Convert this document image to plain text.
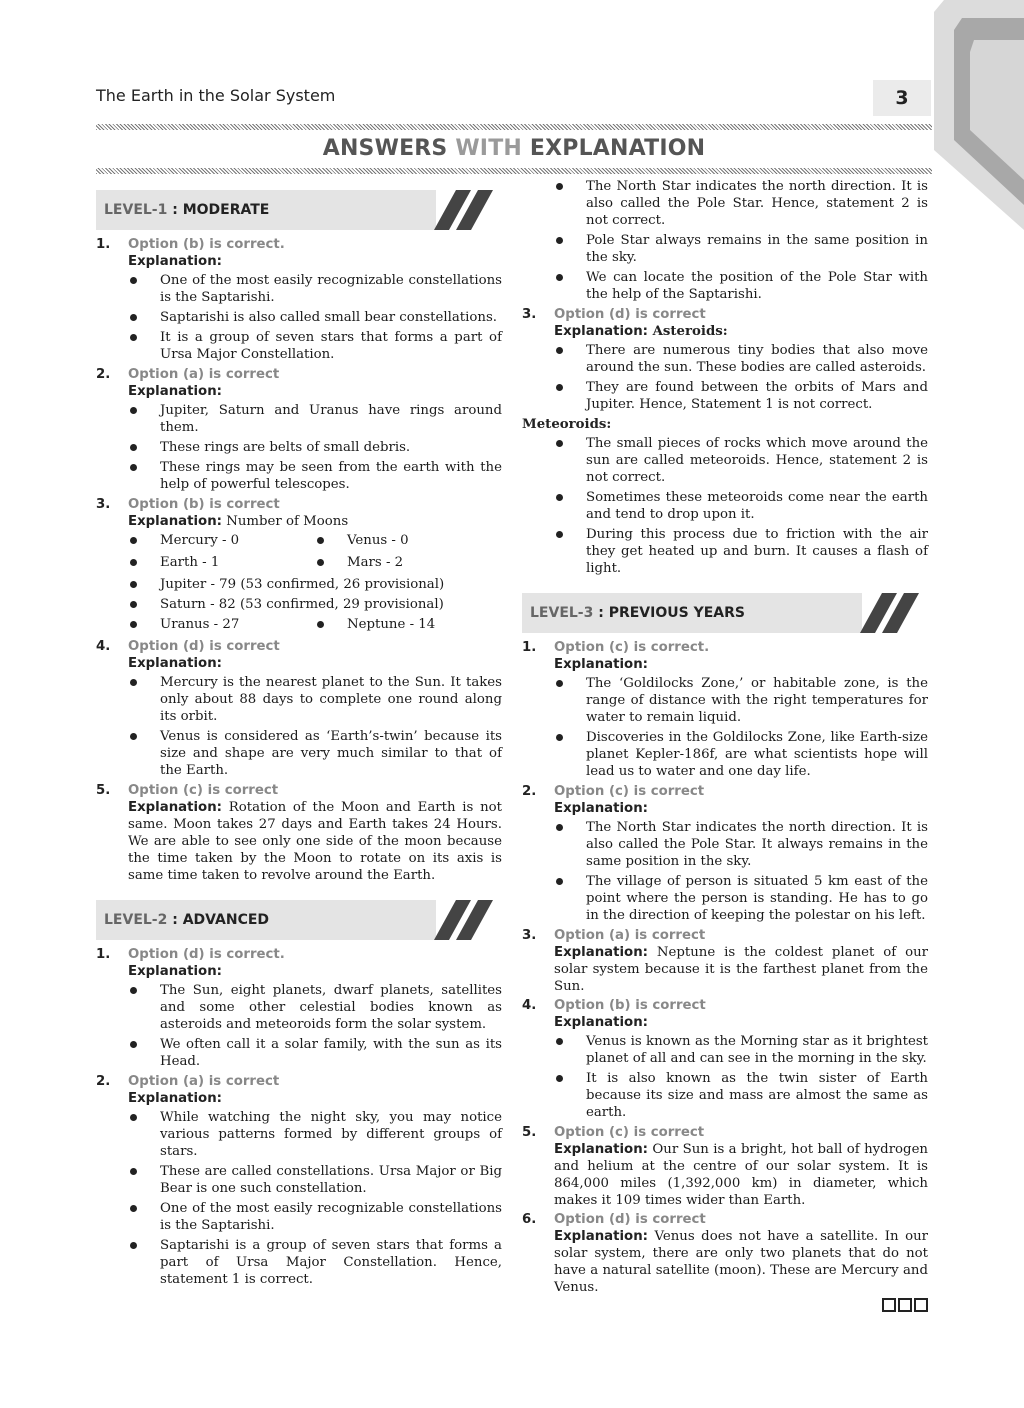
The Earth in the Solar System	3
ANSWERS WITH EXPLANATION
LEVEL-1 : MODERATE
1. Option (b) is correct.
Explanation:
One of the most easily recognizable constellations is the Saptarishi.
Saptarishi is also called small bear constellations.
It is a group of seven stars that forms a part of Ursa Major Constellation.
2. Option (a) is correct
Explanation:
Jupiter, Saturn and Uranus have rings around them.
These rings are belts of small debris.
These rings may be seen from the earth with the help of powerful telescopes.
3. Option (b) is correct
Explanation: Number of Moons
Mercury - 0	Venus - 0
Earth - 1	Mars - 2
Jupiter - 79 (53 confirmed, 26 provisional)
Saturn - 82 (53 confirmed, 29 provisional)
Uranus - 27	Neptune - 14
4. Option (d) is correct
Explanation:
Mercury is the nearest planet to the Sun. It takes only about 88 days to complete one round along its orbit.
Venus is considered as ‘Earth’s-twin’ because its size and shape are very much similar to that of the Earth.
5. Option (c) is correct
Explanation: Rotation of the Moon and Earth is not same. Moon takes 27 days and Earth takes 24 Hours. We are able to see only one side of the moon because the time taken by the Moon to rotate on its axis is same time taken to revolve around the Earth.
LEVEL-2 : ADVANCED
1. Option (d) is correct.
Explanation:
The Sun, eight planets, dwarf planets, satellites and some other celestial bodies known as asteroids and meteoroids form the solar system.
We often call it a solar family, with the sun as its Head.
2. Option (a) is correct
Explanation:
While watching the night sky, you may notice various patterns formed by different groups of stars.
These are called constellations. Ursa Major or Big Bear is one such constellation.
One of the most easily recognizable constellations is the Saptarishi.
Saptarishi is a group of seven stars that forms a part of Ursa Major Constellation. Hence, statement 1 is correct.
The North Star indicates the north direction. It is also called the Pole Star. Hence, statement 2 is not correct.
Pole Star always remains in the same position in the sky.
We can locate the position of the Pole Star with the help of the Saptarishi.
3. Option (d) is correct
Explanation: Asteroids:
There are numerous tiny bodies that also move around the sun. These bodies are called asteroids.
They are found between the orbits of Mars and Jupiter. Hence, Statement 1 is not correct.
Meteoroids:
The small pieces of rocks which move around the sun are called meteoroids. Hence, statement 2 is not correct.
Sometimes these meteoroids come near the earth and tend to drop upon it.
During this process due to friction with the air they get heated up and burn. It causes a flash of light.
LEVEL-3 : PREVIOUS YEARS
1. Option (c) is correct.
Explanation:
The ‘Goldilocks Zone,’ or habitable zone, is the range of distance with the right temperatures for water to remain liquid.
Discoveries in the Goldilocks Zone, like Earth-size planet Kepler-186f, are what scientists hope will lead us to water and one day life.
2. Option (c) is correct
Explanation:
The North Star indicates the north direction. It is also called the Pole Star. It always remains in the same position in the sky.
The village of person is situated 5 km east of the point where the person is standing. He has to go in the direction of keeping the polestar on his left.
3. Option (a) is correct
Explanation: Neptune is the coldest planet of our solar system because it is the farthest planet from the Sun.
4. Option (b) is correct
Explanation:
Venus is known as the Morning star as it brightest planet of all and can see in the morning in the sky.
It is also known as the twin sister of Earth because its size and mass are almost the same as earth.
5. Option (c) is correct
Explanation: Our Sun is a bright, hot ball of hydrogen and helium at the centre of our solar system. It is 864,000 miles (1,392,000 km) in diameter, which makes it 109 times wider than Earth.
6. Option (d) is correct
Explanation: Venus does not have a satellite. In our solar system, there are only two planets that do not have a natural satellite (moon). These are Mercury and Venus.
